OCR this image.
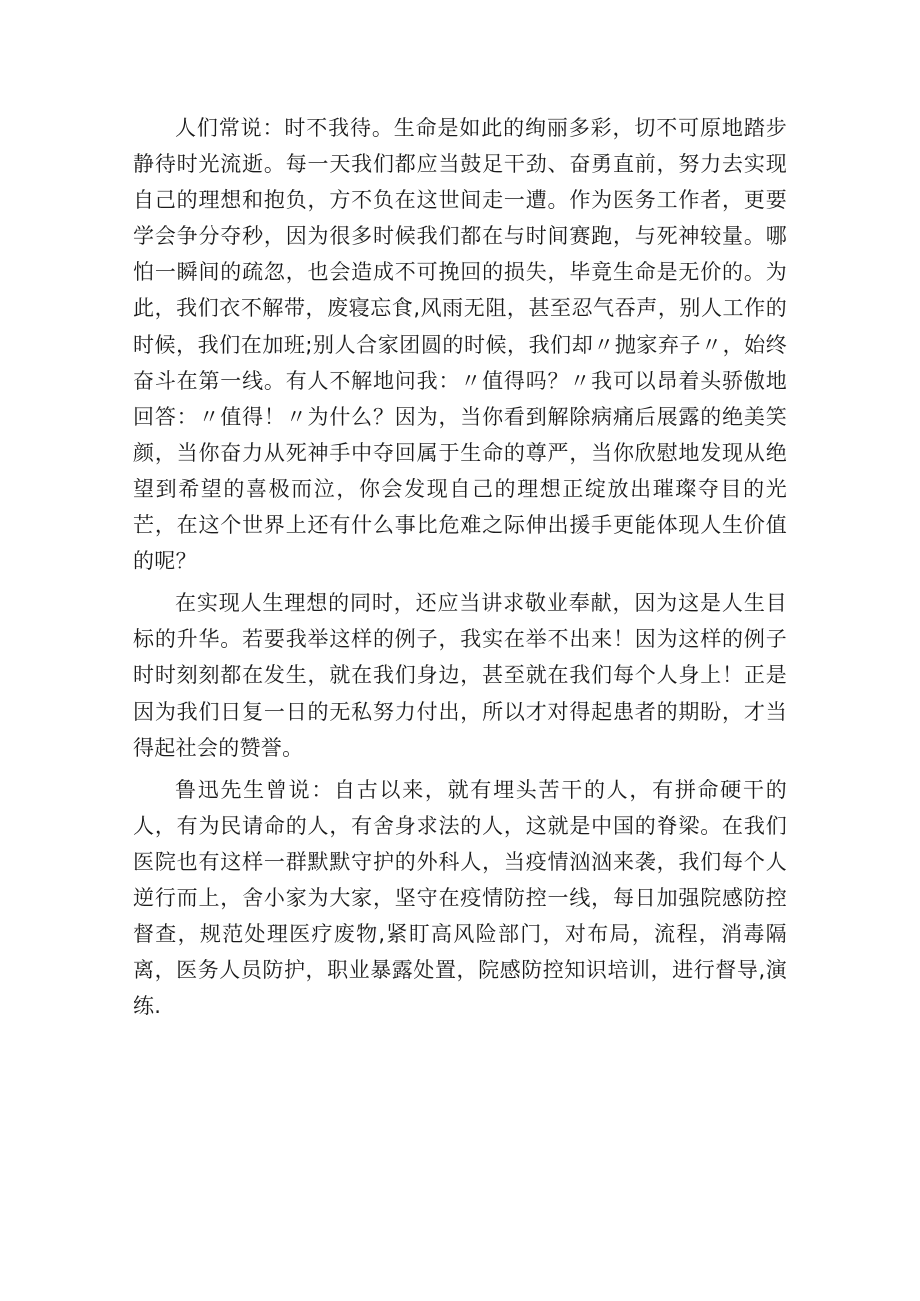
人们常说：时不我待。生命是如此的绚丽多彩，切不可原地踏步静待时光流逝。每一天我们都应当鼓足干劲、奋勇直前，努力去实现自己的理想和抱负，方不负在这世间走一遭。作为医务工作者，更要学会争分夺秒，因为很多时候我们都在与时间赛跑，与死神较量。哪怕一瞬间的疏忽，也会造成不可挽回的损失，毕竟生命是无价的。为此，我们衣不解带，废寝忘食,风雨无阻，甚至忍气吞声，别人工作的时候，我们在加班;别人合家团圆的时候，我们却〃抛家弃子〃，始终奋斗在第一线。有人不解地问我：〃值得吗？〃我可以昂着头骄傲地回答：〃值得！〃为什么？因为，当你看到解除病痛后展露的绝美笑颜，当你奋力从死神手中夺回属于生命的尊严，当你欣慰地发现从绝望到希望的喜极而泣，你会发现自己的理想正绽放出璀璨夺目的光芒，在这个世界上还有什么事比危难之际伸出援手更能体现人生价值的呢？

在实现人生理想的同时，还应当讲求敬业奉献，因为这是人生目标的升华。若要我举这样的例子，我实在举不出来！因为这样的例子时时刻刻都在发生，就在我们身边，甚至就在我们每个人身上！正是因为我们日复一日的无私努力付出，所以才对得起患者的期盼，才当得起社会的赞誉。

鲁迅先生曾说：自古以来，就有埋头苦干的人，有拼命硬干的人，有为民请命的人，有舍身求法的人，这就是中国的脊梁。在我们医院也有这样一群默默守护的外科人，当疫情汹汹来袭，我们每个人逆行而上，舍小家为大家，坚守在疫情防控一线，每日加强院感防控督查，规范处理医疗废物,紧盯高风险部门，对布局，流程，消毒隔离，医务人员防护，职业暴露处置，院感防控知识培训，进行督导,演练.
